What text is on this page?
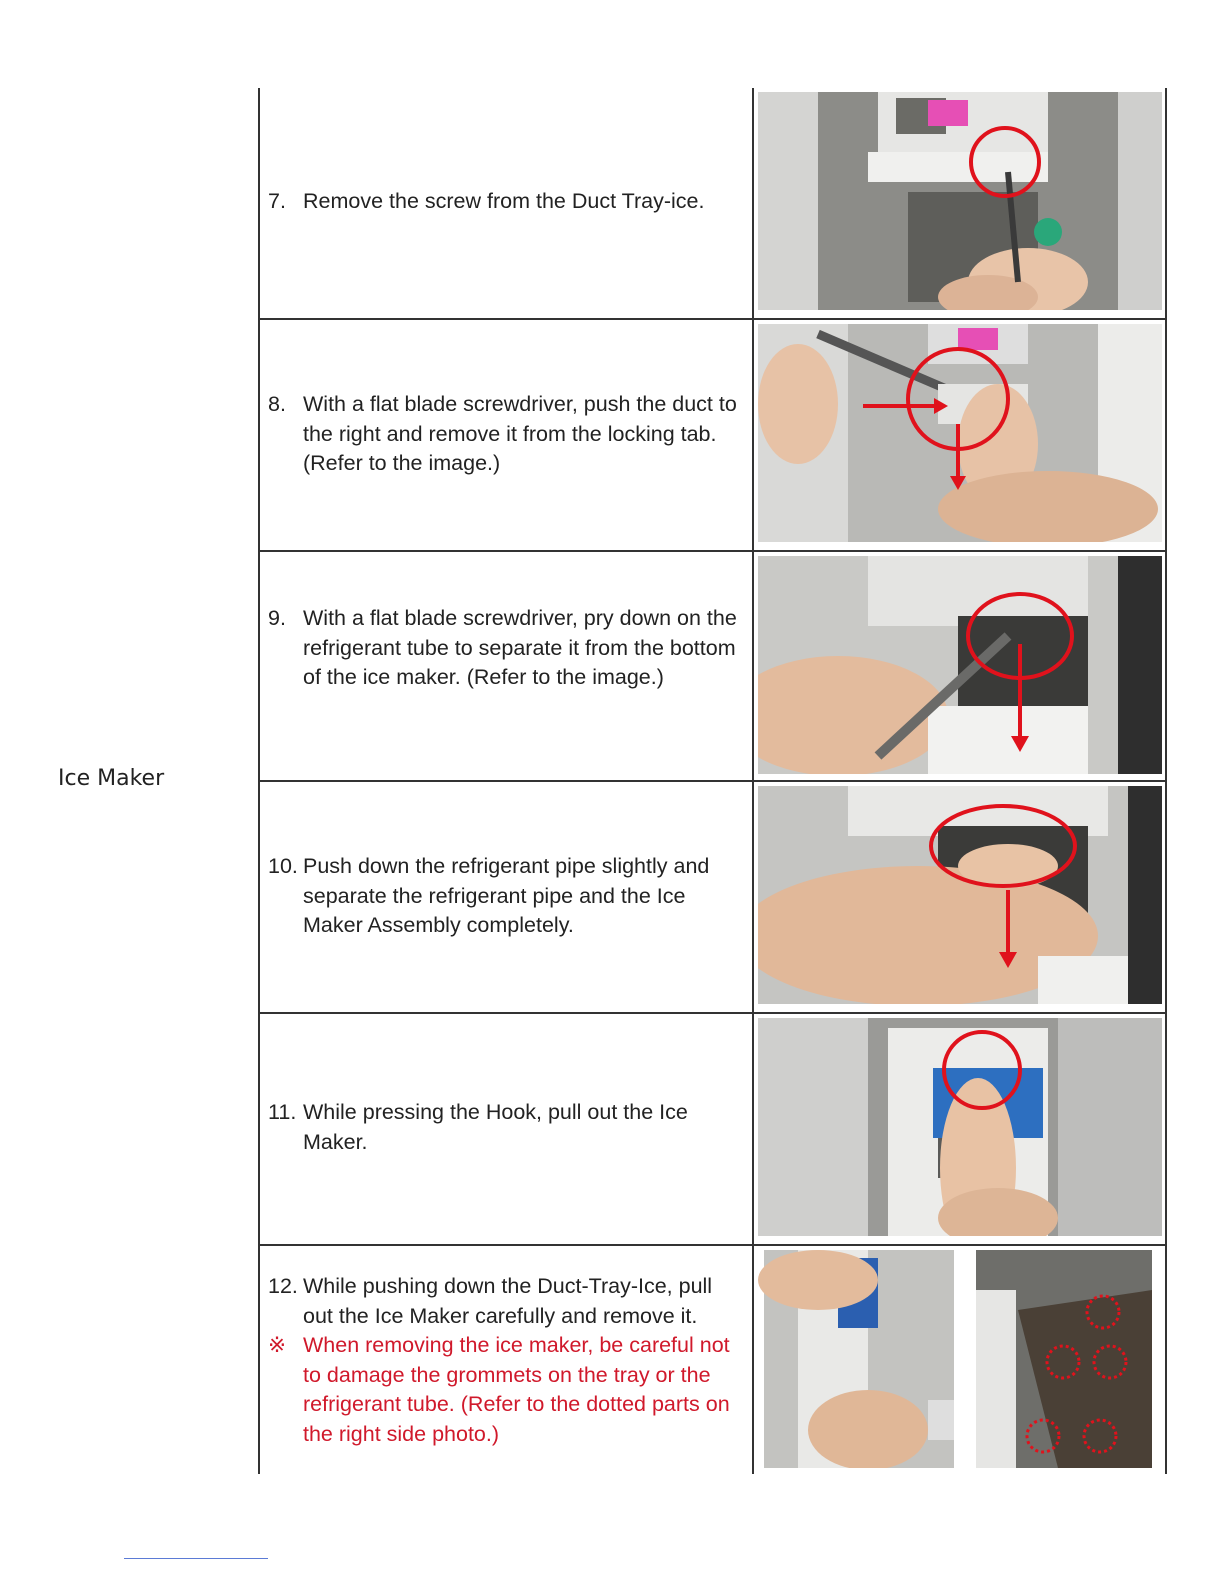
Ice Maker
7. Remove the screw from the Duct Tray-ice.
8. With a flat blade screwdriver, push the duct to the right and remove it from the locking tab. (Refer to the image.)
9. With a flat blade screwdriver, pry down on the refrigerant tube to separate it from the bottom of the ice maker. (Refer to the image.)
10. Push down the refrigerant pipe slightly and separate the refrigerant pipe and the Ice Maker Assembly completely.
11. While pressing the Hook, pull out the Ice Maker.
12. While pushing down the Duct-Tray-Ice, pull out the Ice Maker carefully and remove it.
※ When removing the ice maker, be careful not to damage the grommets on the tray or the refrigerant tube. (Refer to the dotted parts on the right side photo.)
